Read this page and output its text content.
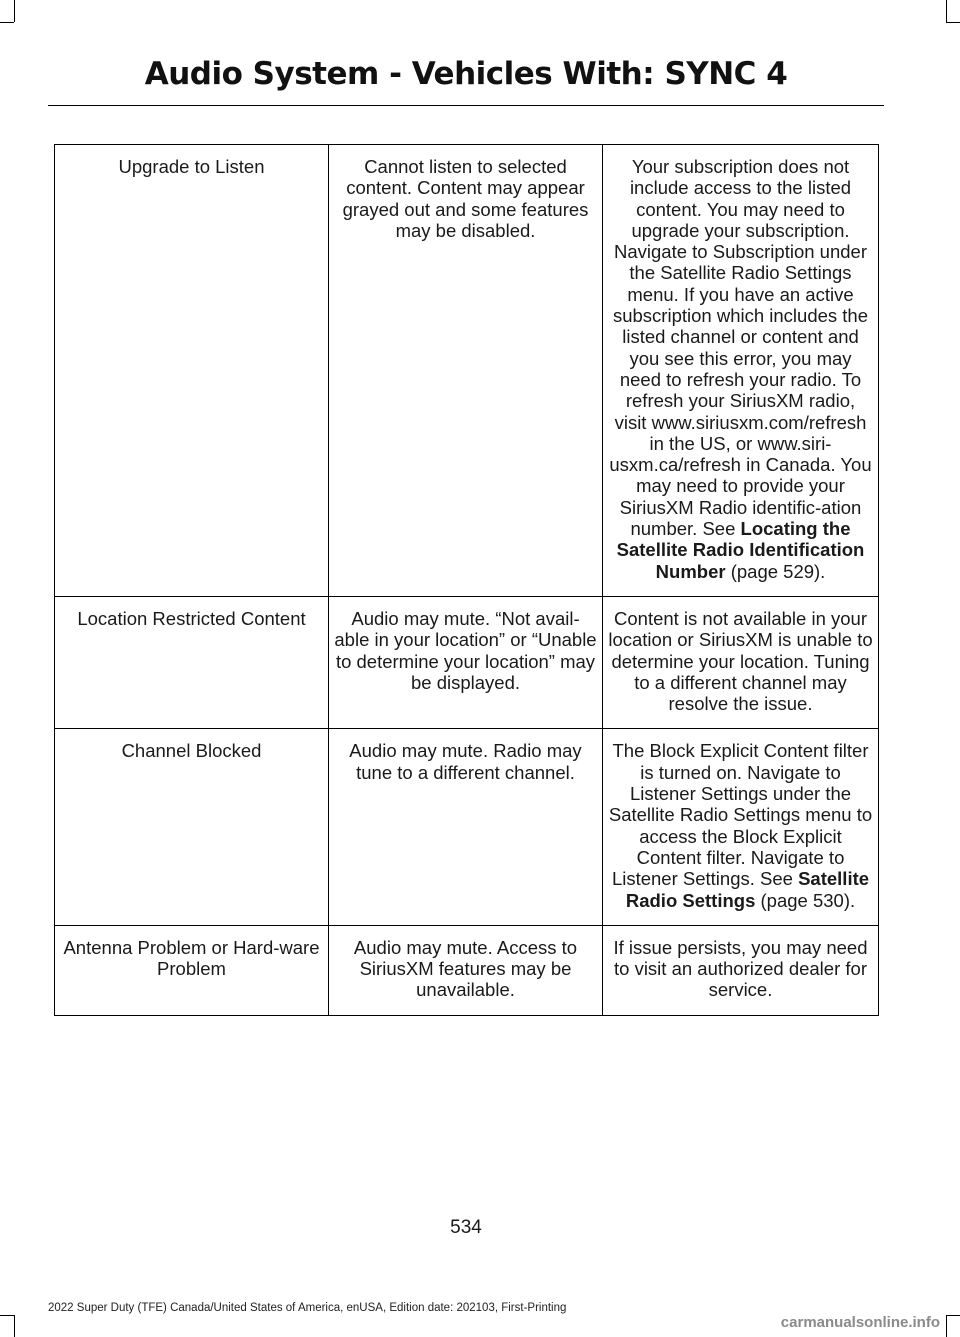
Audio System - Vehicles With: SYNC 4
Upgrade to Listen	Cannot listen to selected content. Content may appear grayed out and some features may be disabled.	Your subscription does not include access to the listed content. You may need to upgrade your subscription. Navigate to Subscription under the Satellite Radio Settings menu. If you have an active subscription which includes the listed channel or content and you see this error, you may need to refresh your radio. To refresh your SiriusXM radio, visit www.siriusxm.com/refresh in the US, or www.siri-usxm.ca/refresh in Canada. You may need to provide your SiriusXM Radio identific-ation number. See Locating the Satellite Radio Identification Number (page 529).
Location Restricted Content	Audio may mute. “Not avail-able in your location” or “Unable to determine your location” may be displayed.	Content is not available in your location or SiriusXM is unable to determine your location. Tuning to a different channel may resolve the issue.
Channel Blocked	Audio may mute. Radio may tune to a different channel.	The Block Explicit Content filter is turned on. Navigate to Listener Settings under the Satellite Radio Settings menu to access the Block Explicit Content filter. Navigate to Listener Settings. See Satellite Radio Settings (page 530).
Antenna Problem or Hard-ware Problem	Audio may mute. Access to SiriusXM features may be unavailable.	If issue persists, you may need to visit an authorized dealer for service.
534
2022 Super Duty (TFE) Canada/United States of America, enUSA, Edition date: 202103, First-Printing
carmanualsonline.info
